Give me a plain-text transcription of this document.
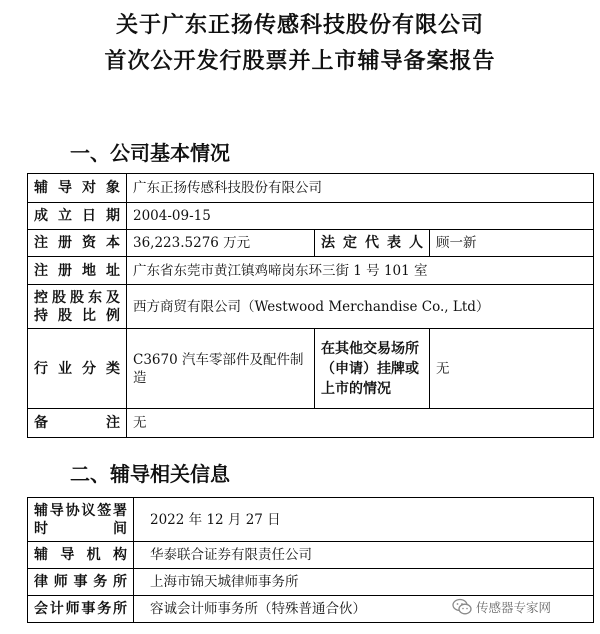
关于广东正扬传感科技股份有限公司
首次公开发行股票并上市辅导备案报告
一、公司基本情况
辅导对象	广东正扬传感科技股份有限公司		
成立日期	2004-09-15		
注册资本	36,223.5276 万元	法定代表人	顾一新
注册地址	广东省东莞市黄江镇鸡啼岗东环三街 1 号 101 室		

控股股东及
持股比例	西方商贸有限公司（Westwood Merchandise Co., Ltd）		
行业分类	C3670 汽车零部件及配件制造	在其他交易场所（申请）挂牌或上市的情况	无
备注	无		
二、辅导相关信息
辅导协议签署
时间	2022 年 12 月 27 日
辅导机构	华泰联合证券有限责任公司
律师事务所	上海市锦天城律师事务所
会计师事务所	容诚会计师事务所（特殊普通合伙）	传感器专家网
